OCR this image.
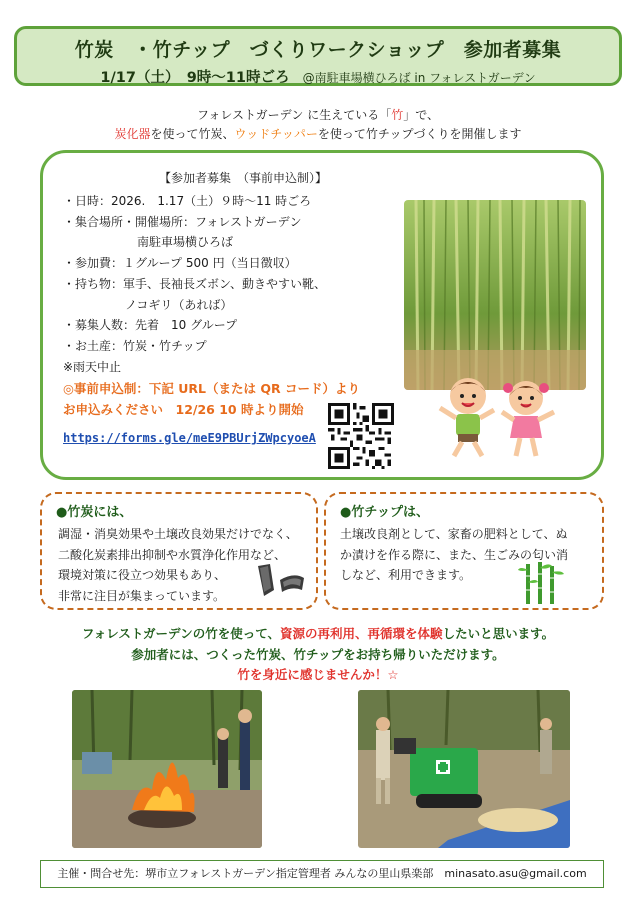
竹炭　・竹チップ　づくりワークショップ　参加者募集
1/17（土）　9時〜11時ごろ @南駐車場横ひろば in フォレストガーデン
フォレストガーデン に生えている「竹」で、
炭化器を使って竹炭、ウッドチッパーを使って竹チップづくりを開催します
【参加者募集　（事前申込制）】
・日時：2026.　1.17（土）９時〜11 時ごろ
・集合場所・開催場所：フォレストガーデン
南駐車場横ひろば
・参加費：１グループ 500 円（当日徴収）
・持ち物：軍手、長袖長ズボン、動きやすい靴、
ノコギリ（あれば）
・募集人数：先着　10 グループ
・お土産：竹炭・竹チップ
※雨天中止
◎事前申込制：下記 URL（または QR コード）より
お申込みください　12/26 10 時より開始
https://forms.gle/meE9PBUrjZWpcyoeA
●竹炭には、
調湿・消臭効果や土壌改良効果だけでなく、
二酸化炭素排出抑制や水質浄化作用など、
環境対策に役立つ効果もあり、
非常に注目が集まっています。
●竹チップは、
土壌改良剤として、家畜の肥料として、ぬ
か漬けを作る際に、また、生ごみの匂い消
しなど、利用できます。
フォレストガーデンの竹を使って、資源の再利用、再循環を体験したいと思います。
参加者には、つくった竹炭、竹チップをお持ち帰りいただけます。
竹を身近に感じませんか！☆
主催・問合せ先：堺市立フォレストガーデン指定管理者 みんなの里山県楽部　minasato.asu@gmail.com
